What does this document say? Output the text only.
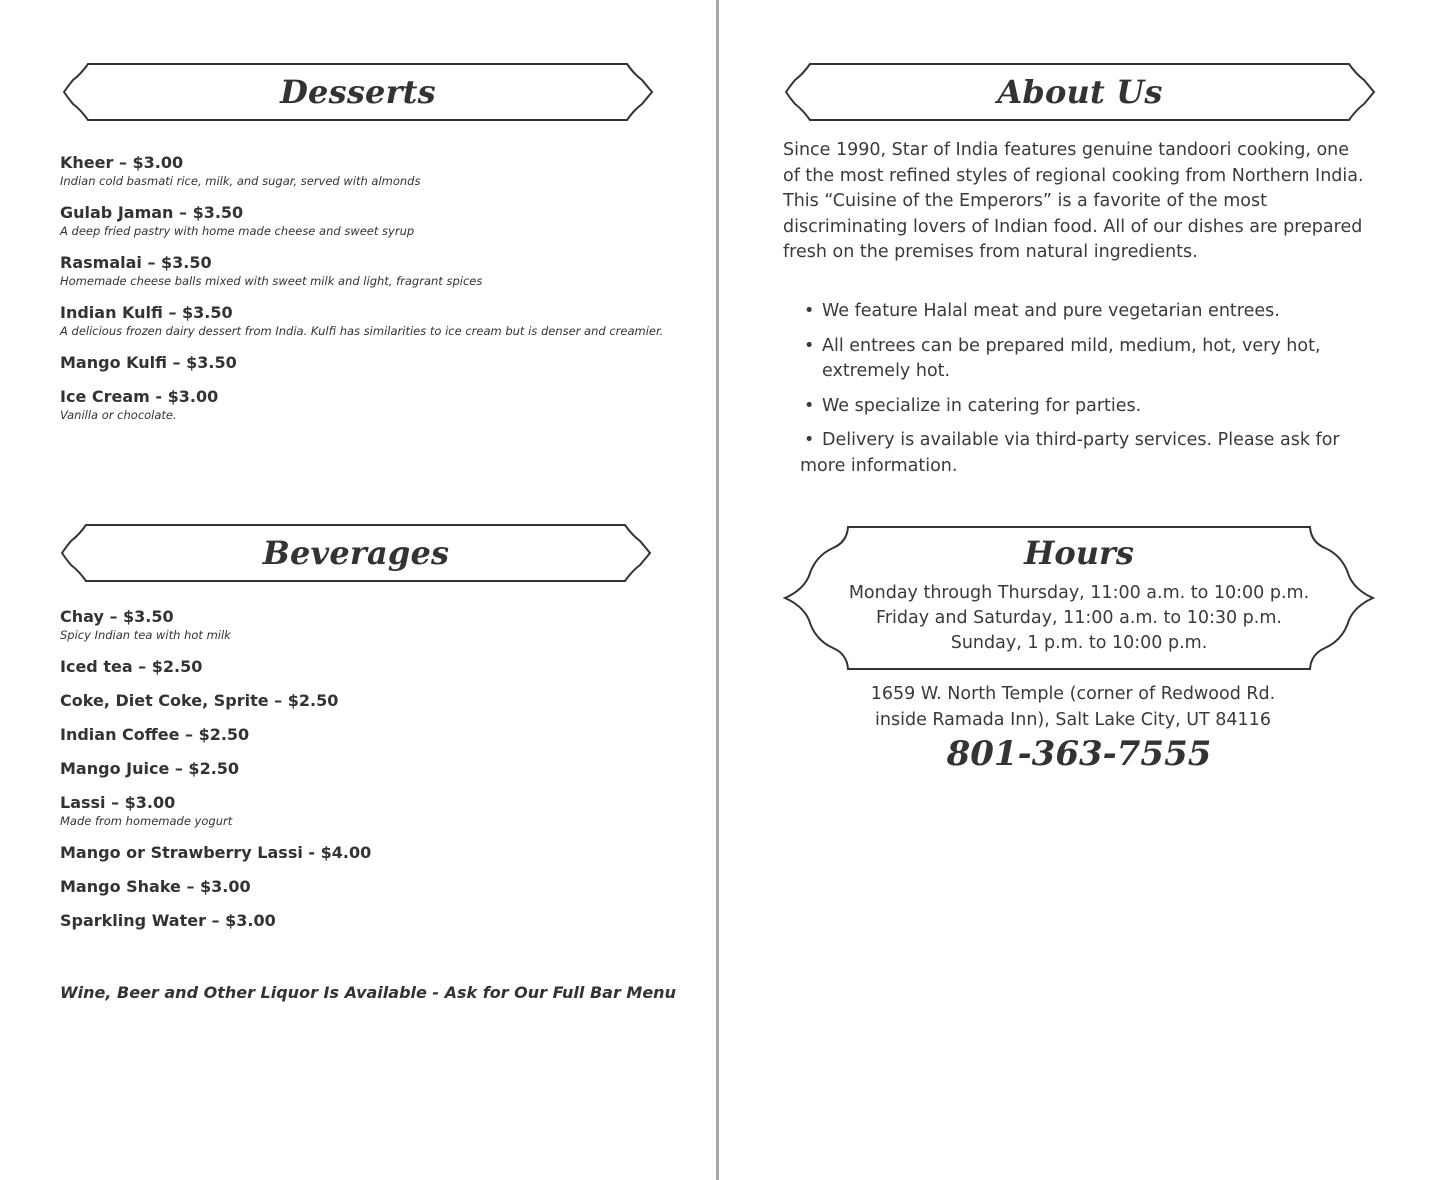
Desserts
Kheer – $3.00
Indian cold basmati rice, milk, and sugar, served with almonds
Gulab Jaman – $3.50
A deep fried pastry with home made cheese and sweet syrup
Rasmalai – $3.50
Homemade cheese balls mixed with sweet milk and light, fragrant spices
Indian Kulfi – $3.50
A delicious frozen dairy dessert from India. Kulfi has similarities to ice cream but is denser and creamier.
Mango Kulfi – $3.50
Ice Cream - $3.00
Vanilla or chocolate.
Beverages
Chay – $3.50
Spicy Indian tea with hot milk
Iced tea – $2.50
Coke, Diet Coke, Sprite – $2.50
Indian Coffee – $2.50
Mango Juice – $2.50
Lassi – $3.00
Made from homemade yogurt
Mango or Strawberry Lassi - $4.00
Mango Shake – $3.00
Sparkling Water – $3.00
Wine, Beer and Other Liquor Is Available - Ask for Our Full Bar Menu
About Us
Since 1990, Star of India features genuine tandoori cooking, one of the most refined styles of regional cooking from Northern India. This “Cuisine of the Emperors” is a favorite of the most discriminating lovers of Indian food. All of our dishes are prepared fresh on the premises from natural ingredients.
• We feature Halal meat and pure vegetarian entrees.
• All entrees can be prepared mild, medium, hot, very hot, extremely hot.
• We specialize in catering for parties.
• Delivery is available via third-party services. Please ask for more information.
Hours
Monday through Thursday, 11:00 a.m. to 10:00 p.m.
Friday and Saturday, 11:00 a.m. to 10:30 p.m.
Sunday, 1 p.m. to 10:00 p.m.
1659 W. North Temple (corner of Redwood Rd.
inside Ramada Inn), Salt Lake City, UT 84116
801-363-7555
